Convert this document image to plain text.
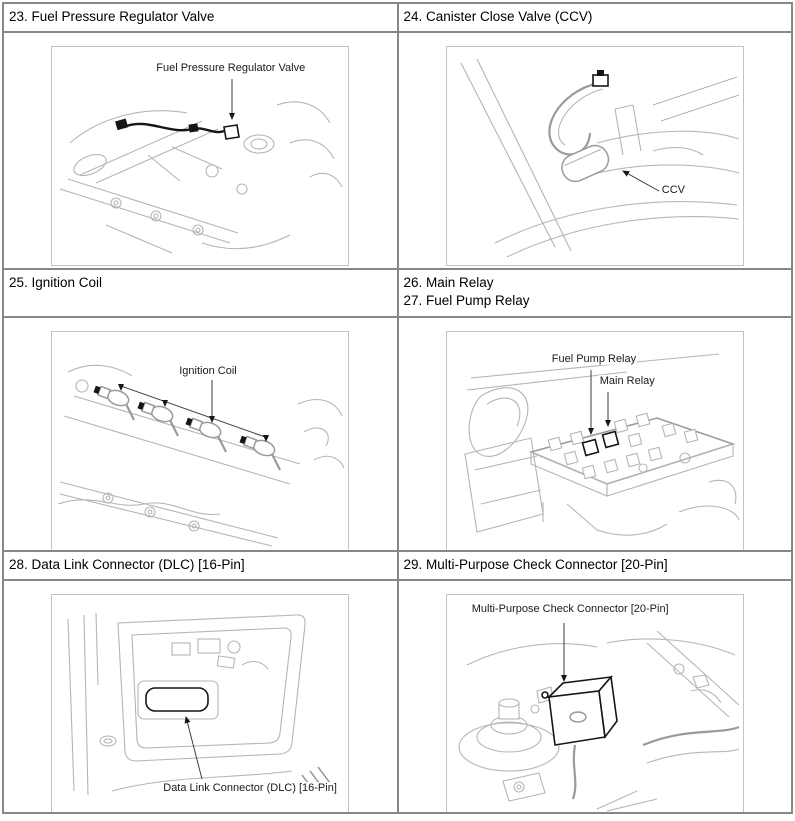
23. Fuel Pressure Regulator Valve	24. Canister Close Valve (CCV)
Fuel Pressure Regulator Valve
CCV
25. Ignition Coil	26. Main Relay
27. Fuel Pump Relay
Ignition Coil
Fuel Pump Relay
Main Relay
28. Data Link Connector (DLC) [16-Pin]	29. Multi-Purpose Check Connector [20-Pin]
Data Link Connector (DLC) [16-Pin]
Multi-Purpose Check Connector [20-Pin]
